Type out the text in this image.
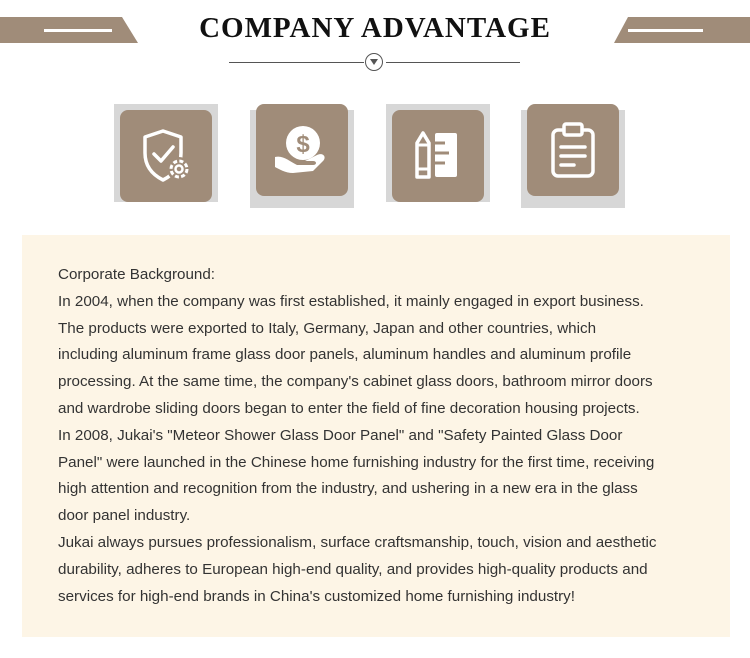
COMPANY ADVANTAGE
$

Corporate Background:
In 2004, when the company was first established, it mainly engaged in export business.
The products were exported to Italy, Germany, Japan and other countries, which
including aluminum frame glass door panels, aluminum handles and aluminum profile
processing. At the same time, the company's cabinet glass doors, bathroom mirror doors
and wardrobe sliding doors began to enter the field of fine decoration housing projects.
In 2008, Jukai's "Meteor Shower Glass Door Panel" and "Safety Painted Glass Door
Panel" were launched in the Chinese home furnishing industry for the first time, receiving
high attention and recognition from the industry, and ushering in a new era in the glass
door panel industry.
Jukai always pursues professionalism, surface craftsmanship, touch, vision and aesthetic
durability, adheres to European high-end quality, and provides high-quality products and
services for high-end brands in China's customized home furnishing industry!
